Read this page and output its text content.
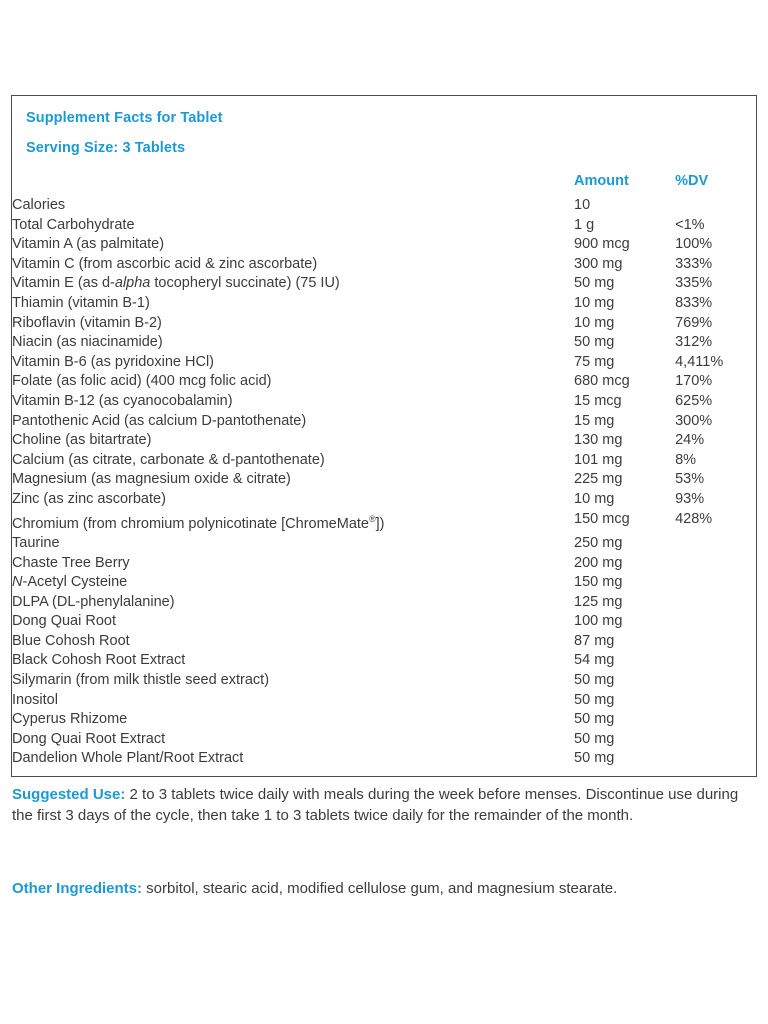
Supplement Facts for Tablet
Serving Size: 3 Tablets
	Amount	%DV
Calories	10	
Total Carbohydrate	1 g	<1%
Vitamin A (as palmitate)	900 mcg	100%
Vitamin C (from ascorbic acid & zinc ascorbate)	300 mg	333%
Vitamin E (as d-alpha tocopheryl succinate) (75 IU)	50 mg	335%
Thiamin (vitamin B-1)	10 mg	833%
Riboflavin (vitamin B-2)	10 mg	769%
Niacin (as niacinamide)	50 mg	312%
Vitamin B-6 (as pyridoxine HCl)	75 mg	4,411%
Folate (as folic acid) (400 mcg folic acid)	680 mcg	170%
Vitamin B-12 (as cyanocobalamin)	15 mcg	625%
Pantothenic Acid (as calcium D-pantothenate)	15 mg	300%
Choline (as bitartrate)	130 mg	24%
Calcium (as citrate, carbonate & d-pantothenate)	101 mg	8%
Magnesium (as magnesium oxide & citrate)	225 mg	53%
Zinc (as zinc ascorbate)	10 mg	93%
Chromium (from chromium polynicotinate [ChromeMate®])	150 mcg	428%
Taurine	250 mg	
Chaste Tree Berry	200 mg	
N-Acetyl Cysteine	150 mg	
DLPA (DL-phenylalanine)	125 mg	
Dong Quai Root	100 mg	
Blue Cohosh Root	87 mg	
Black Cohosh Root Extract	54 mg	
Silymarin (from milk thistle seed extract)	50 mg	
Inositol	50 mg	
Cyperus Rhizome	50 mg	
Dong Quai Root Extract	50 mg	
Dandelion Whole Plant/Root Extract	50 mg	
Suggested Use: 2 to 3 tablets twice daily with meals during the week before menses. Discontinue use during the first 3 days of the cycle, then take 1 to 3 tablets twice daily for the remainder of the month.
Other Ingredients: sorbitol, stearic acid, modified cellulose gum, and magnesium stearate.
